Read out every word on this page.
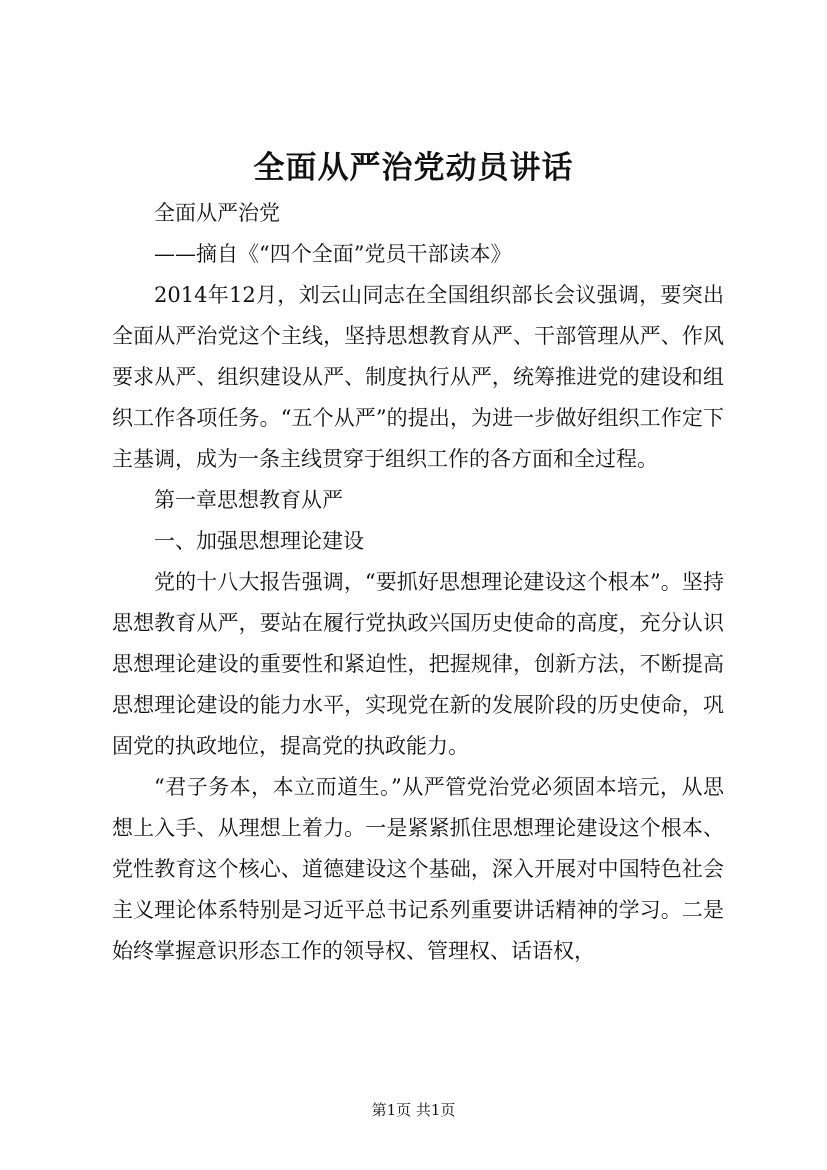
全面从严治党动员讲话

全面从严治党

——摘自《“四个全面”党员干部读本》

2014年12月，刘云山同志在全国组织部长会议强调，要突出全面从严治党这个主线，坚持思想教育从严、干部管理从严、作风要求从严、组织建设从严、制度执行从严，统筹推进党的建设和组织工作各项任务。“五个从严”的提出，为进一步做好组织工作定下主基调，成为一条主线贯穿于组织工作的各方面和全过程。

第一章思想教育从严

一、加强思想理论建设

党的十八大报告强调，“要抓好思想理论建设这个根本”。坚持思想教育从严，要站在履行党执政兴国历史使命的高度，充分认识思想理论建设的重要性和紧迫性，把握规律，创新方法，不断提高思想理论建设的能力水平，实现党在新的发展阶段的历史使命，巩固党的执政地位，提高党的执政能力。

“君子务本，本立而道生。”从严管党治党必须固本培元，从思想上入手、从理想上着力。一是紧紧抓住思想理论建设这个根本、党性教育这个核心、道德建设这个基础，深入开展对中国特色社会主义理论体系特别是习近平总书记系列重要讲话精神的学习。二是始终掌握意识形态工作的领导权、管理权、话语权，

第1页 共1页
